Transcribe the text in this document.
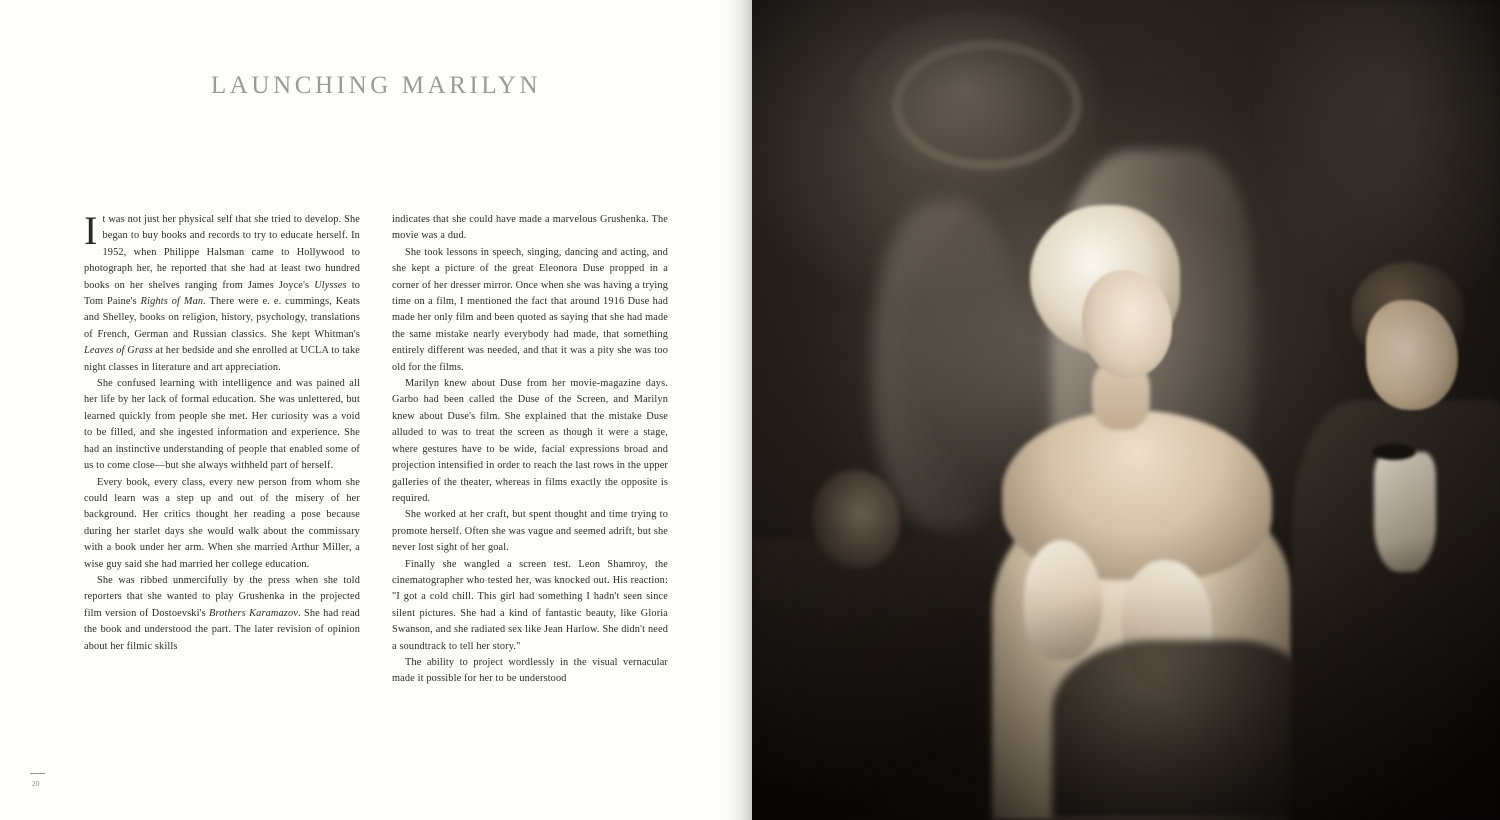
LAUNCHING MARILYN

It was not just her physical self that she tried to develop. She began to buy books and records to try to educate herself. In 1952, when Philippe Halsman came to Hollywood to photograph her, he reported that she had at least two hundred books on her shelves ranging from James Joyce's Ulysses to Tom Paine's Rights of Man. There were e. e. cummings, Keats and Shelley, books on religion, history, psychology, translations of French, German and Russian classics. She kept Whitman's Leaves of Grass at her bedside and she enrolled at UCLA to take night classes in literature and art appreciation.

She confused learning with intelligence and was pained all her life by her lack of formal education. She was unlettered, but learned quickly from people she met. Her curiosity was a void to be filled, and she ingested information and experience. She had an instinctive understanding of people that enabled some of us to come close—but she always withheld part of herself.

Every book, every class, every new person from whom she could learn was a step up and out of the misery of her background. Her critics thought her reading a pose because during her starlet days she would walk about the commissary with a book under her arm. When she married Arthur Miller, a wise guy said she had married her college education.

She was ribbed unmercifully by the press when she told reporters that she wanted to play Grushenka in the projected film version of Dostoevski's Brothers Karamazov. She had read the book and understood the part. The later revision of opinion about her filmic skills

indicates that she could have made a marvelous Grushenka. The movie was a dud.

She took lessons in speech, singing, dancing and acting, and she kept a picture of the great Eleonora Duse propped in a corner of her dresser mirror. Once when she was having a trying time on a film, I mentioned the fact that around 1916 Duse had made her only film and been quoted as saying that she had made the same mistake nearly everybody had made, that something entirely different was needed, and that it was a pity she was too old for the films.

Marilyn knew about Duse from her movie-magazine days. Garbo had been called the Duse of the Screen, and Marilyn knew about Duse's film. She explained that the mistake Duse alluded to was to treat the screen as though it were a stage, where gestures have to be wide, facial expressions broad and projection intensified in order to reach the last rows in the upper galleries of the theater, whereas in films exactly the opposite is required.

She worked at her craft, but spent thought and time trying to promote herself. Often she was vague and seemed adrift, but she never lost sight of her goal.

Finally she wangled a screen test. Leon Shamroy, the cinematographer who tested her, was knocked out. His reaction: "I got a cold chill. This girl had something I hadn't seen since silent pictures. She had a kind of fantastic beauty, like Gloria Swanson, and she radiated sex like Jean Harlow. She didn't need a soundtrack to tell her story."

The ability to project wordlessly in the visual vernacular made it possible for her to be understood

20
